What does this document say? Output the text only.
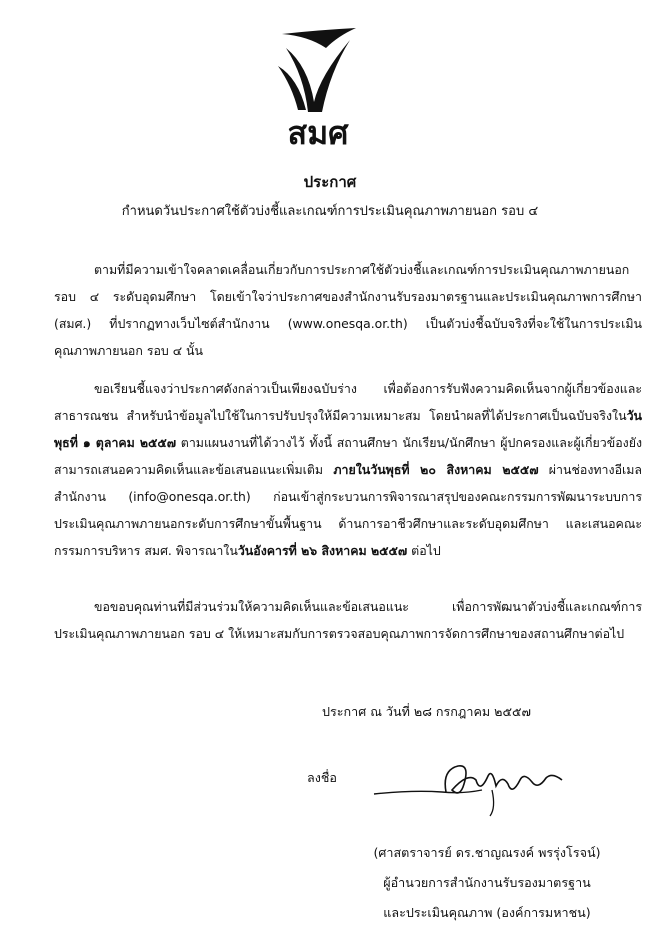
สมศ
ประกาศ
กำหนดวันประกาศใช้ตัวบ่งชี้และเกณฑ์การประเมินคุณภาพภายนอก รอบ ๔

ตามที่มีความเข้าใจคลาดเคลื่อนเกี่ยวกับการประกาศใช้ตัวบ่งชี้และเกณฑ์การประเมินคุณภาพภายนอก รอบ ๔ ระดับอุดมศึกษา โดยเข้าใจว่าประกาศของสำนักงานรับรองมาตรฐานและประเมินคุณภาพการศึกษา (สมศ.) ที่ปรากฏทางเว็บไซต์สำนักงาน (www.onesqa.or.th) เป็นตัวบ่งชี้ฉบับจริงที่จะใช้ในการประเมินคุณภาพภายนอก รอบ ๔ นั้น

ขอเรียนชี้แจงว่าประกาศดังกล่าวเป็นเพียงฉบับร่าง เพื่อต้องการรับฟังความคิดเห็นจากผู้เกี่ยวข้องและสาธารณชน สำหรับนำข้อมูลไปใช้ในการปรับปรุงให้มีความเหมาะสม โดยนำผลที่ได้ประกาศเป็นฉบับจริงในวันพุธที่ ๑ ตุลาคม ๒๕๕๗ ตามแผนงานที่ได้วางไว้ ทั้งนี้ สถานศึกษา นักเรียน/นักศึกษา ผู้ปกครองและผู้เกี่ยวข้องยังสามารถเสนอความคิดเห็นและข้อเสนอแนะเพิ่มเติม ภายในวันพุธที่ ๒๐ สิงหาคม ๒๕๕๗ ผ่านช่องทางอีเมลสำนักงาน (info@onesqa.or.th) ก่อนเข้าสู่กระบวนการพิจารณาสรุปของคณะกรรมการพัฒนาระบบการประเมินคุณภาพภายนอกระดับการศึกษาขั้นพื้นฐาน ด้านการอาชีวศึกษาและระดับอุดมศึกษา และเสนอคณะกรรมการบริหาร สมศ. พิจารณาในวันอังคารที่ ๒๖ สิงหาคม ๒๕๕๗ ต่อไป

ขอขอบคุณท่านที่มีส่วนร่วมให้ความคิดเห็นและข้อเสนอแนะ เพื่อการพัฒนาตัวบ่งชี้และเกณฑ์การประเมินคุณภาพภายนอก รอบ ๔ ให้เหมาะสมกับการตรวจสอบคุณภาพการจัดการศึกษาของสถานศึกษาต่อไป

ประกาศ ณ วันที่ ๒๘ กรกฎาคม ๒๕๕๗
ลงชื่อ
(ศาสตราจารย์ ดร.ชาญณรงค์ พรรุ่งโรจน์)
ผู้อำนวยการสำนักงานรับรองมาตรฐาน
และประเมินคุณภาพ (องค์การมหาชน)
